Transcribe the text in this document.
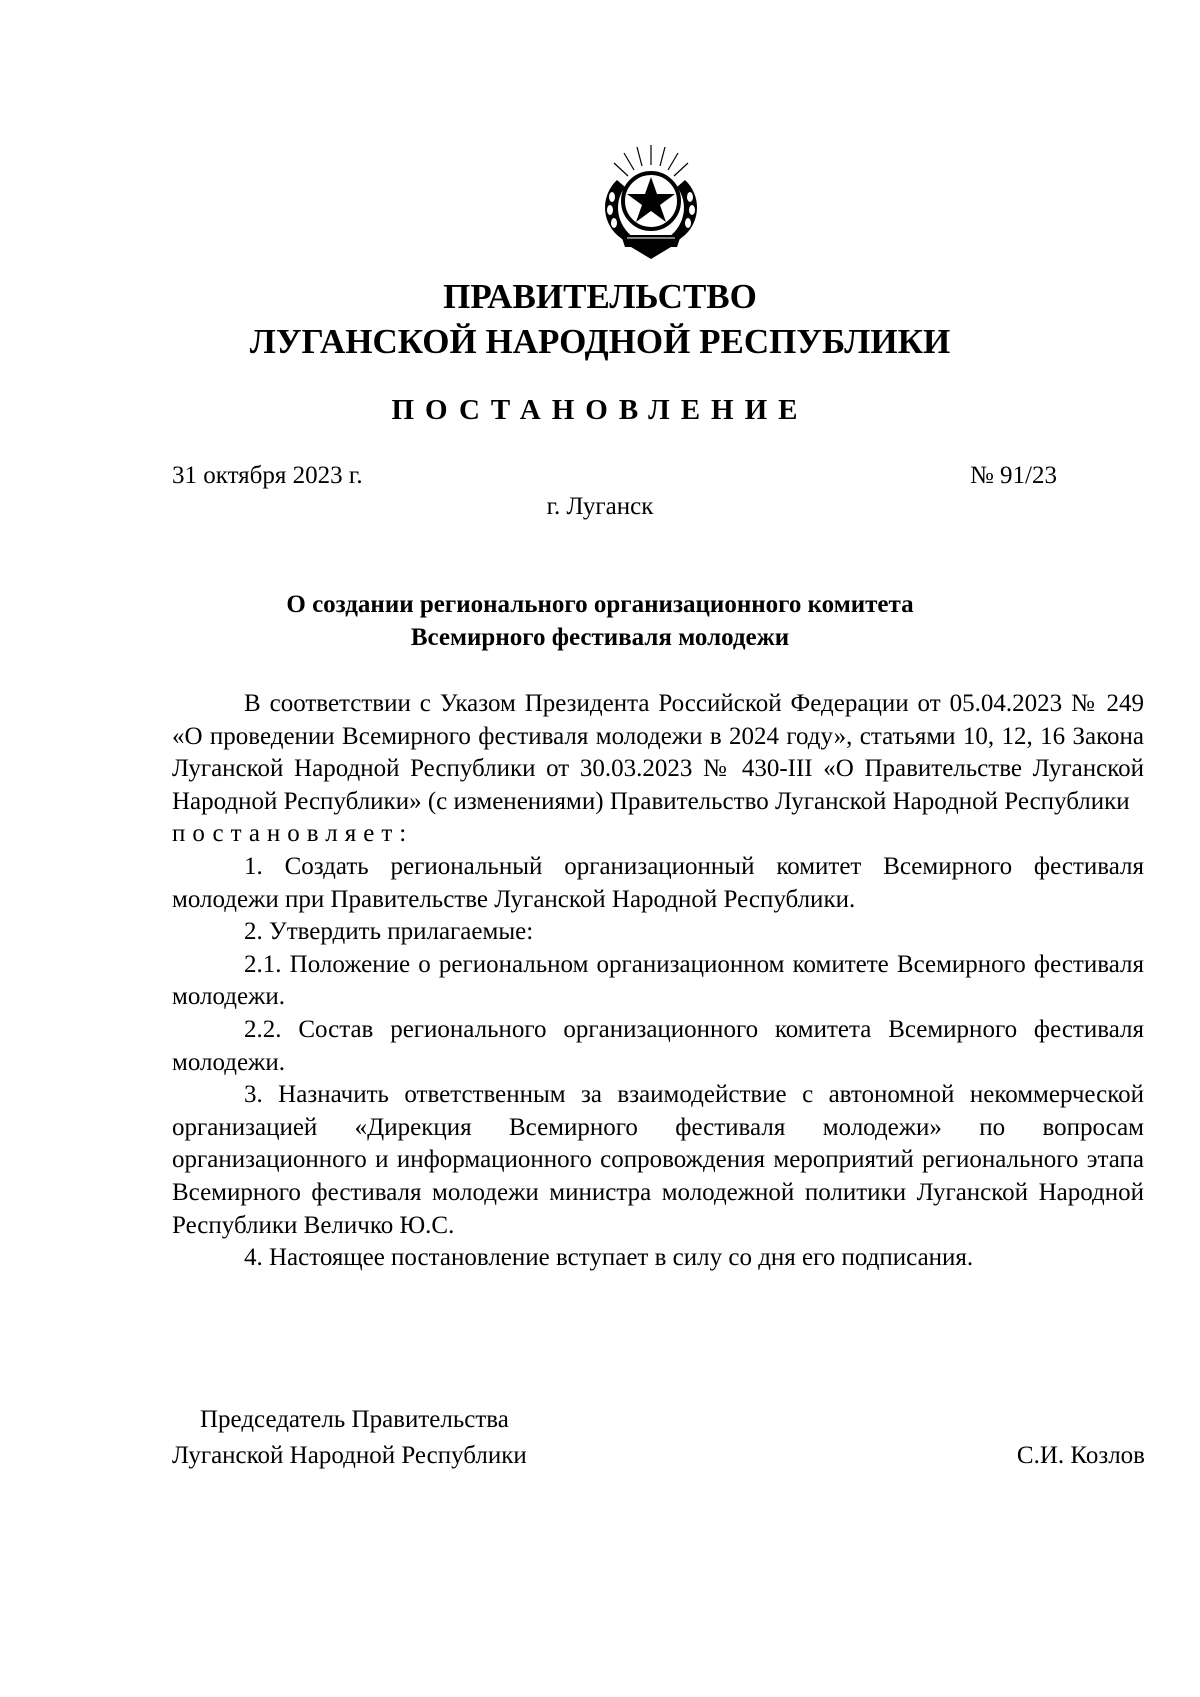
ПРАВИТЕЛЬСТВО
ЛУГАНСКОЙ НАРОДНОЙ РЕСПУБЛИКИ
ПОСТАНОВЛЕНИЕ
31 октября 2023 г.	№ 91/23
г. Луганск
О создании регионального организационного комитета
Всемирного фестиваля молодежи

В соответствии с Указом Президента Российской Федерации от 05.04.2023 № 249 «О проведении Всемирного фестиваля молодежи в 2024 году», статьями 10, 12, 16 Закона Луганской Народной Республики от 30.03.2023 № 430-III «О Правительстве Луганской Народной Республики» (с изменениями) Правительство Луганской Народной Республики

постановляет:

1. Создать региональный организационный комитет Всемирного фестиваля молодежи при Правительстве Луганской Народной Республики.

2. Утвердить прилагаемые:

2.1. Положение о региональном организационном комитете Всемирного фестиваля молодежи.

2.2. Состав регионального организационного комитета Всемирного фестиваля молодежи.

3. Назначить ответственным за взаимодействие с автономной некоммерческой организацией «Дирекция Всемирного фестиваля молодежи» по вопросам организационного и информационного сопровождения мероприятий регионального этапа Всемирного фестиваля молодежи министра молодежной политики Луганской Народной Республики Величко Ю.С.

4. Настоящее постановление вступает в силу со дня его подписания.

Председатель Правительства
Луганской Народной Республики	С.И. Козлов
